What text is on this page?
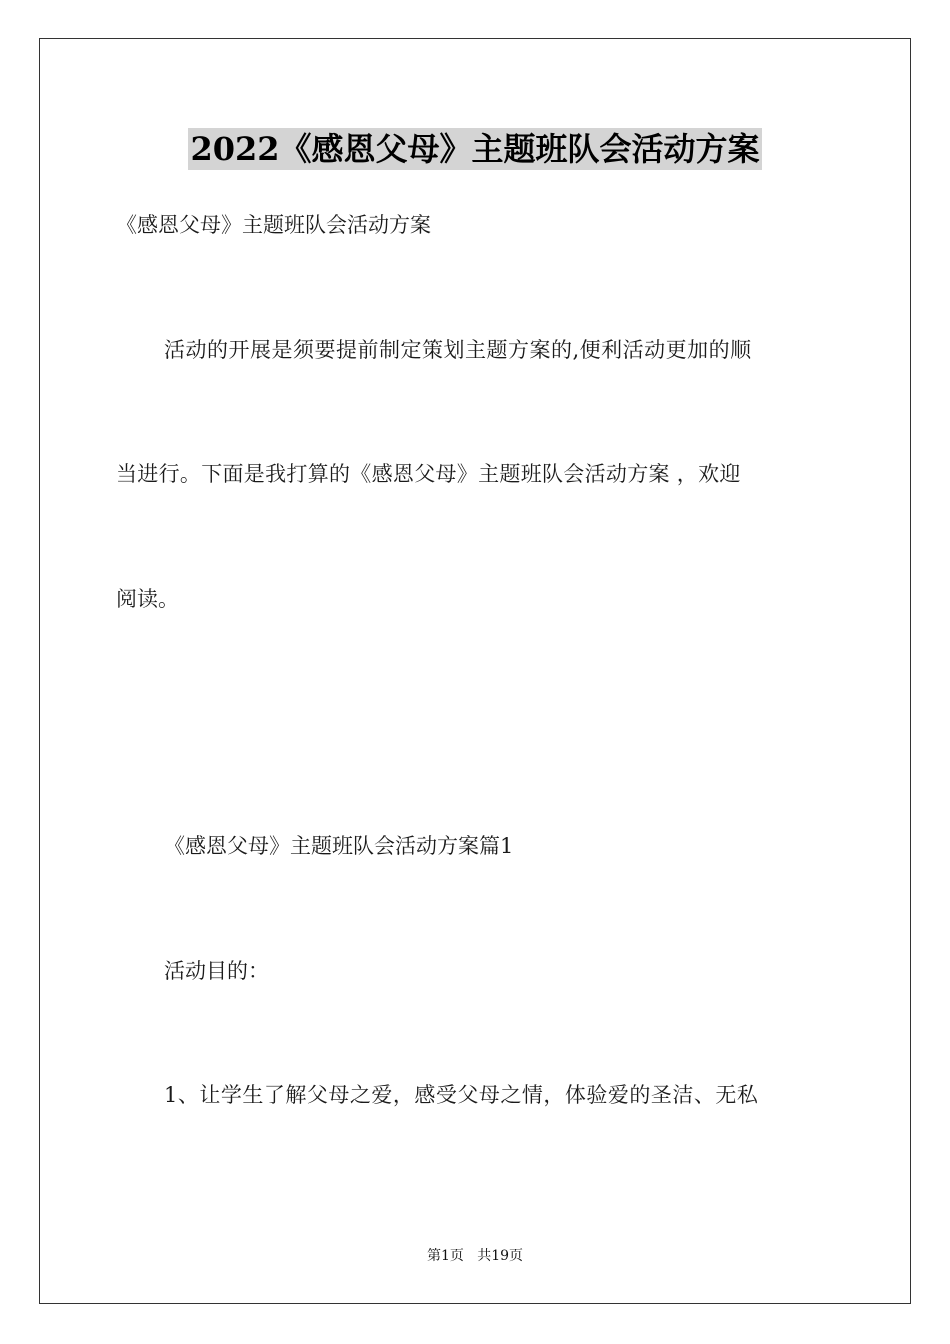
2022《感恩父母》主题班队会活动方案
《感恩父母》主题班队会活动方案
活动的开展是须要提前制定策划主题方案的,便利活动更加的顺
当进行。下面是我打算的《感恩父母》主题班队会活动方案 ，欢迎
阅读。
《感恩父母》主题班队会活动方案篇1
活动目的：
1、让学生了解父母之爱，感受父母之情，体验爱的圣洁、无私
第1页   共19页
